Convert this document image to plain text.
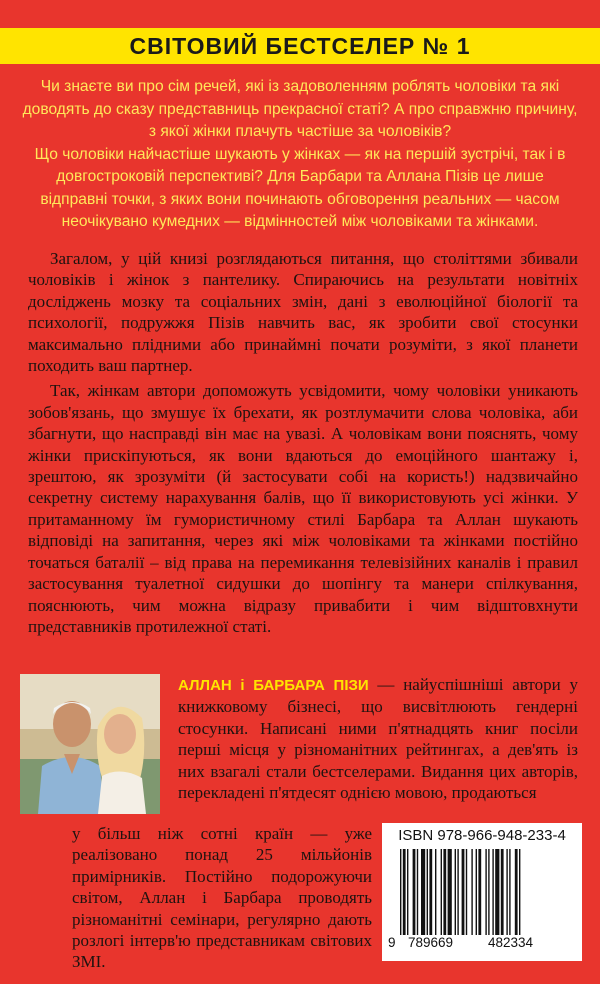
СВІТОВИЙ БЕСТСЕЛЕР № 1

Чи знаєте ви про сім речей, які із задоволенням роблять чоловіки та які доводять до сказу представниць прекрасної статі? А про справжню причину, з якої жінки плачуть частіше за чоловіків?

Що чоловіки найчастіше шукають у жінках — як на першій зустрічі, так і в довгостроковій перспективі? Для Барбари та Аллана Пізів це лише відправні точки, з яких вони починають обговорення реальних — часом неочікувано кумедних — відмінностей між чоловіками та жінками.

Загалом, у цій книзі розглядаються питання, що століттями збивали чоловіків і жінок з пантелику. Спираючись на результати новітніх досліджень мозку та соціальних змін, дані з еволюційної біології та психології, подружжя Пізів навчить вас, як зробити свої стосунки максимально плідними або принаймні почати розуміти, з якої планети походить ваш партнер.

Так, жінкам автори допоможуть усвідомити, чому чоловіки уникають зобов'язань, що змушує їх брехати, як розтлумачити слова чоловіка, аби збагнути, що насправді він має на увазі. А чоловікам вони пояснять, чому жінки прискіпуються, як вони вдаються до емоційного шантажу і, зрештою, як зрозуміти (й застосувати собі на користь!) надзвичайно секретну систему нарахування балів, що її використовують усі жінки. У притаманному їм гумористичному стилі Барбара та Аллан шукають відповіді на запитання, через які між чоловіками та жінками постійно точаться баталії – від права на перемикання телевізійних каналів і правил застосування туалетної сидушки до шопінгу та манери спілкування, пояснюють, чим можна відразу привабити і чим відштовхнути представників протилежної статі.

АЛЛАН і БАРБАРА ПІЗИ — найуспішніші автори у книжковому бізнесі, що висвітлюють гендерні стосунки. Написані ними п'ятнадцять книг посіли перші місця у різноманітних рейтингах, а дев'ять із них взагалі стали бестселерами. Видання цих авторів, перекладені п'ятдесят однією мовою, продаються
у більш ніж сотні країн — уже реалізовано понад 25 мільйонів примірників. Постійно подорожуючи світом, Аллан і Барбара проводять різноманітні семінари, регулярно дають розлогі інтерв'ю представникам світових ЗМІ.
ISBN 978-966-948-233-4
9 789669	482334
